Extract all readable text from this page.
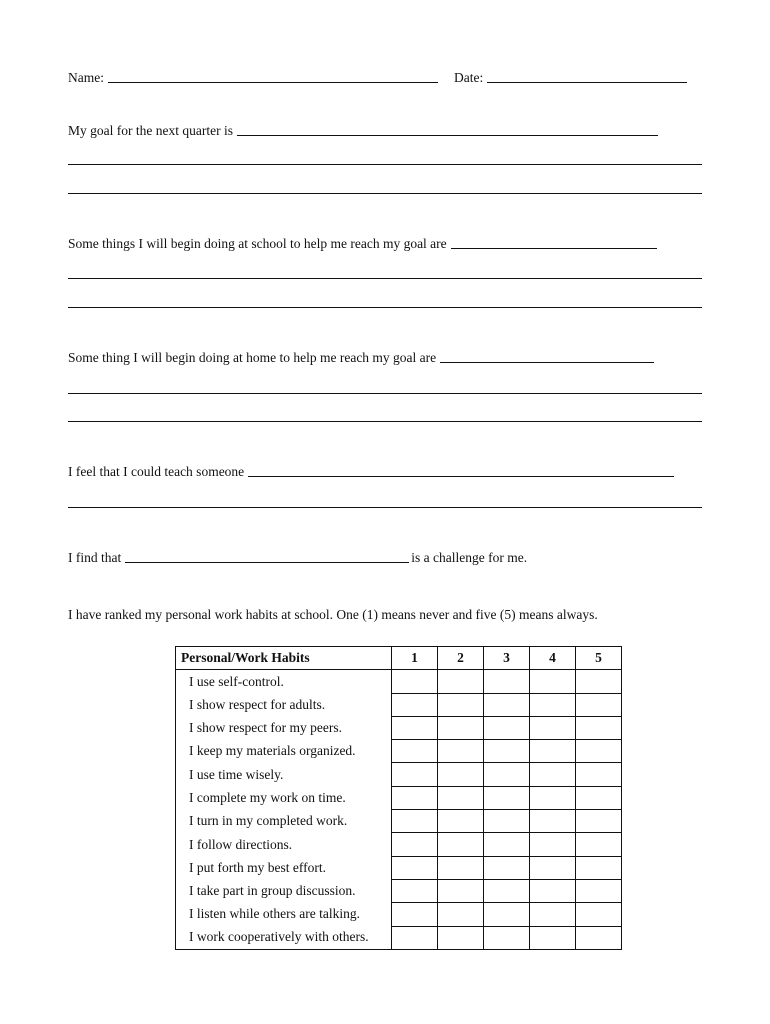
Name:	Date:
My goal for the next quarter is
Some things I will begin doing at school to help me reach my goal are
Some thing I will begin doing at home to help me reach my goal are
I feel that I could teach someone
I find that	is a challenge for me.
I have ranked my personal work habits at school. One (1) means never and five (5) means always.
Personal/Work Habits	1	2	3	4	5
I use self-control.					
I show respect for adults.					
I show respect for my peers.					
I keep my materials organized.					
I use time wisely.					
I complete my work on time.					
I turn in my completed work.					
I follow directions.					
I put forth my best effort.					
I take part in group discussion.					
I listen while others are talking.					
I work cooperatively with others.					
